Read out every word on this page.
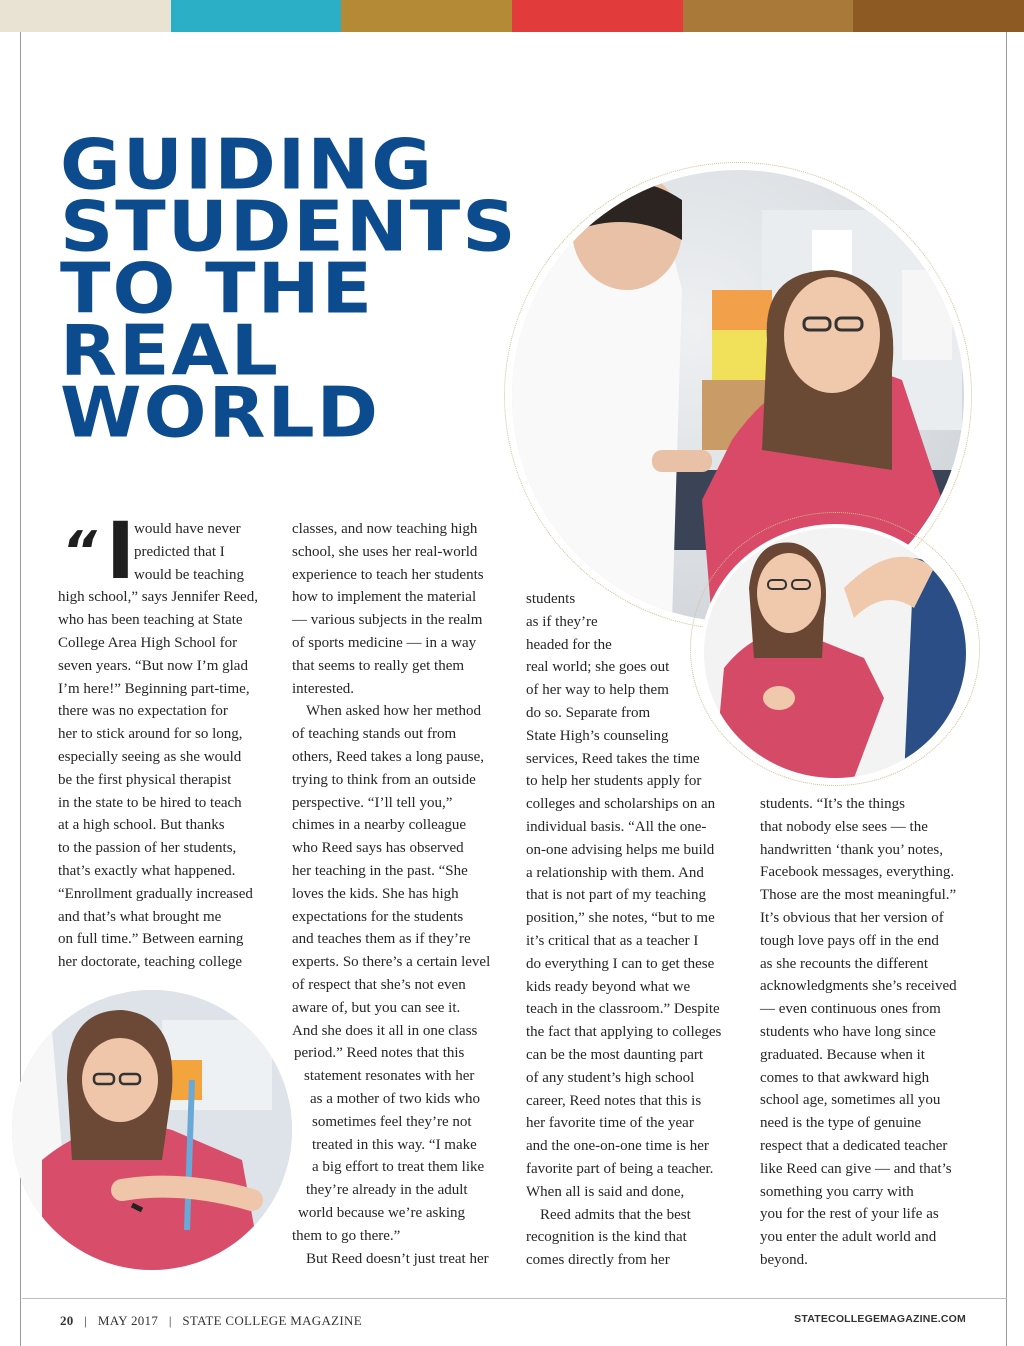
GUIDING
STUDENTS
TO THE
REAL
WORLD
“ I
would have never
predicted that I
would be teaching
high school,” says Jennifer Reed,
who has been teaching at State
College Area High School for
seven years. “But now I’m glad
I’m here!” Beginning part-time,
there was no expectation for
her to stick around for so long,
especially seeing as she would
be the first physical therapist
in the state to be hired to teach
at a high school. But thanks
to the passion of her students,
that’s exactly what happened.
“Enrollment gradually increased
and that’s what brought me
on full time.” Between earning
her doctorate, teaching college
classes, and now teaching high
school, she uses her real-world
experience to teach her students
how to implement the material
— various subjects in the realm
of sports medicine — in a way
that seems to really get them
interested.
When asked how her method
of teaching stands out from
others, Reed takes a long pause,
trying to think from an outside
perspective. “I’ll tell you,”
chimes in a nearby colleague
who Reed says has observed
her teaching in the past. “She
loves the kids. She has high
expectations for the students
and teaches them as if they’re
experts. So there’s a certain level
of respect that she’s not even
aware of, but you can see it.
And she does it all in one class
period.” Reed notes that this
statement resonates with her
as a mother of two kids who
sometimes feel they’re not
treated in this way. “I make
a big effort to treat them like
they’re already in the adult
world because we’re asking
them to go there.”
But Reed doesn’t just treat her
students
as if they’re
headed for the
real world; she goes out
of her way to help them
do so. Separate from
State High’s counseling
services, Reed takes the time
to help her students apply for
colleges and scholarships on an
individual basis. “All the one-
on-one advising helps me build
a relationship with them. And
that is not part of my teaching
position,” she notes, “but to me
it’s critical that as a teacher I
do everything I can to get these
kids ready beyond what we
teach in the classroom.” Despite
the fact that applying to colleges
can be the most daunting part
of any student’s high school
career, Reed notes that this is
her favorite time of the year
and the one-on-one time is her
favorite part of being a teacher.
When all is said and done,
Reed admits that the best
recognition is the kind that
comes directly from her
students. “It’s the things
that nobody else sees — the
handwritten ‘thank you’ notes,
Facebook messages, everything.
Those are the most meaningful.”
It’s obvious that her version of
tough love pays off in the end
as she recounts the different
acknowledgments she’s received
— even continuous ones from
students who have long since
graduated. Because when it
comes to that awkward high
school age, sometimes all you
need is the type of genuine
respect that a dedicated teacher
like Reed can give — and that’s
something you carry with
you for the rest of your life as
you enter the adult world and
beyond.
20   |   MAY 2017   |   STATE COLLEGE MAGAZINE	STATECOLLEGEMAGAZINE.COM
